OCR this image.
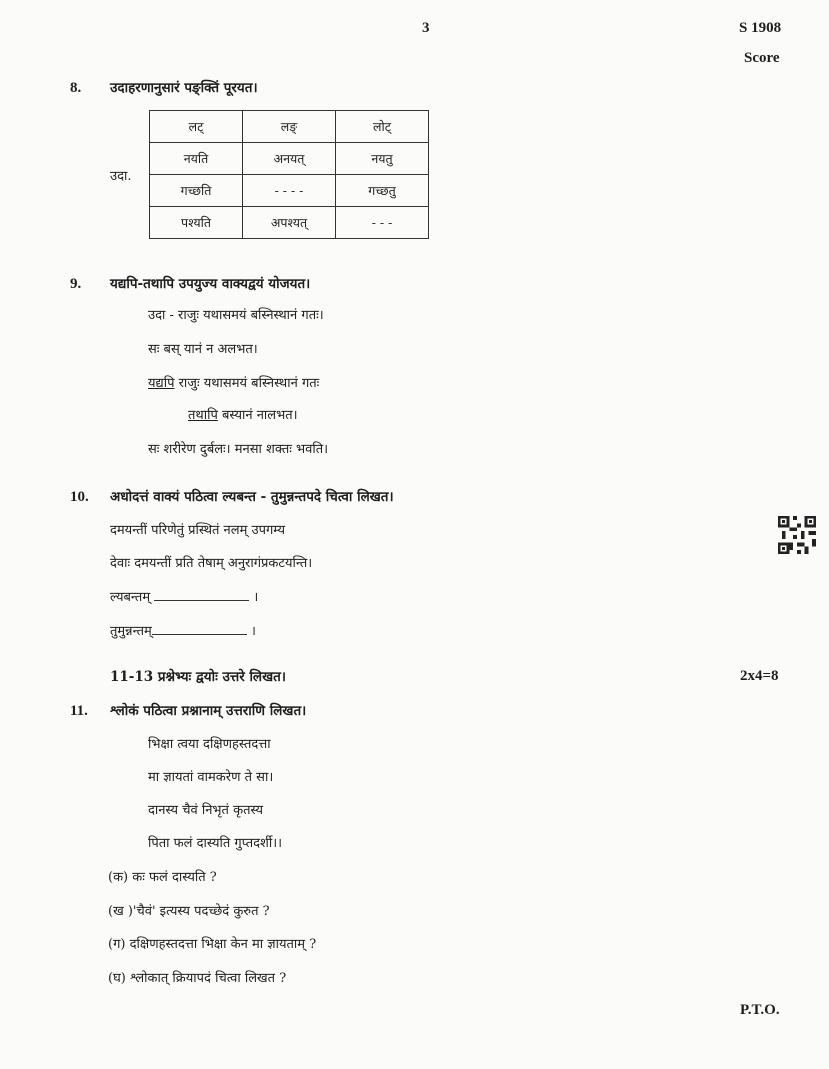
3	S 1908
Score
8. उदाहरणानुसारं पङ्क्तिं पूरयत।
उदा.
लट्	लङ्	लोट्
नयति	अनयत्	नयतु
गच्छति	- - - -	गच्छतु
पश्यति	अपश्यत्	- - -
9. यद्यपि-तथापि उपयुज्य वाक्यद्वयं योजयत।
उदा - राजुः यथासमयं बस्निस्थानं गतः।
सः बस् यानं न अलभत।
यद्यपि राजुः यथासमयं बस्निस्थानं गतः
तथापि बस्यानं नालभत।
सः शरीरेण दुर्बलः। मनसा शक्तः भवति।
10. अधोदत्तं वाक्यं पठित्वा ल्यबन्त - तुमुन्नन्तपदे चित्वा लिखत।
दमयन्तीं परिणेतुं प्रस्थितं नलम् उपगम्य
देवाः दमयन्तीं प्रति तेषाम् अनुरागंप्रकटयन्ति।
ल्यबन्तम्	।
तुमुन्नन्तम्	।
11-13 प्रश्नेभ्यः द्वयोः उत्तरे लिखत।	2x4=8
11. श्लोकं पठित्वा प्रश्नानाम् उत्तराणि लिखत।
भिक्षा त्वया दक्षिणहस्तदत्ता
मा ज्ञायतां वामकरेण ते सा।
दानस्य चैवं निभृतं कृतस्य
पिता फलं दास्यति गुप्तदर्शी।।
(क) कः फलं दास्यति ?
(ख )'चैवं' इत्यस्य पदच्छेदं कुरुत ?
(ग) दक्षिणहस्तदत्ता भिक्षा केन मा ज्ञायताम् ?
(घ) श्लोकात् क्रियापदं चित्वा लिखत ?
P.T.O.
